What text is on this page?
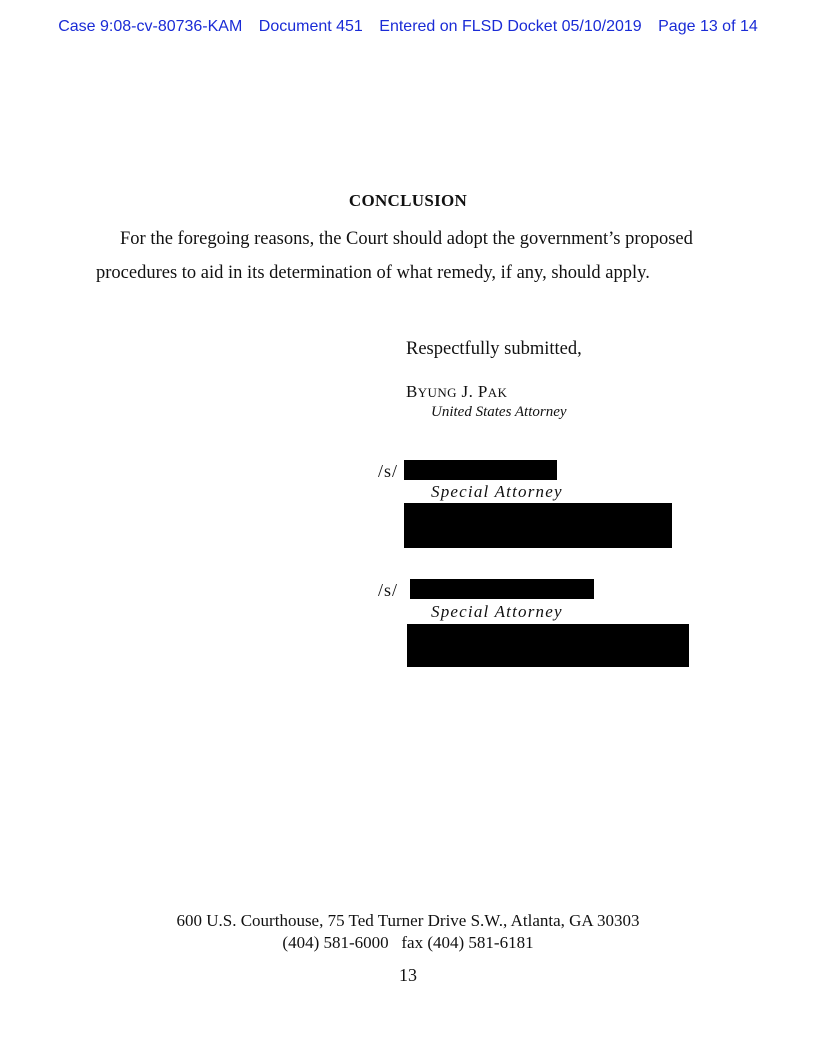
Case 9:08-cv-80736-KAM Document 451 Entered on FLSD Docket 05/10/2019 Page 13 of 14
CONCLUSION
For the foregoing reasons, the Court should adopt the government’s proposed
procedures to aid in its determination of what remedy, if any, should apply.
Respectfully submitted,
BYUNG J. PAK
United States Attorney
/s/
Special Attorney
/s/
Special Attorney
600 U.S. Courthouse, 75 Ted Turner Drive S.W., Atlanta, GA 30303
(404) 581-6000   fax (404) 581-6181
13
